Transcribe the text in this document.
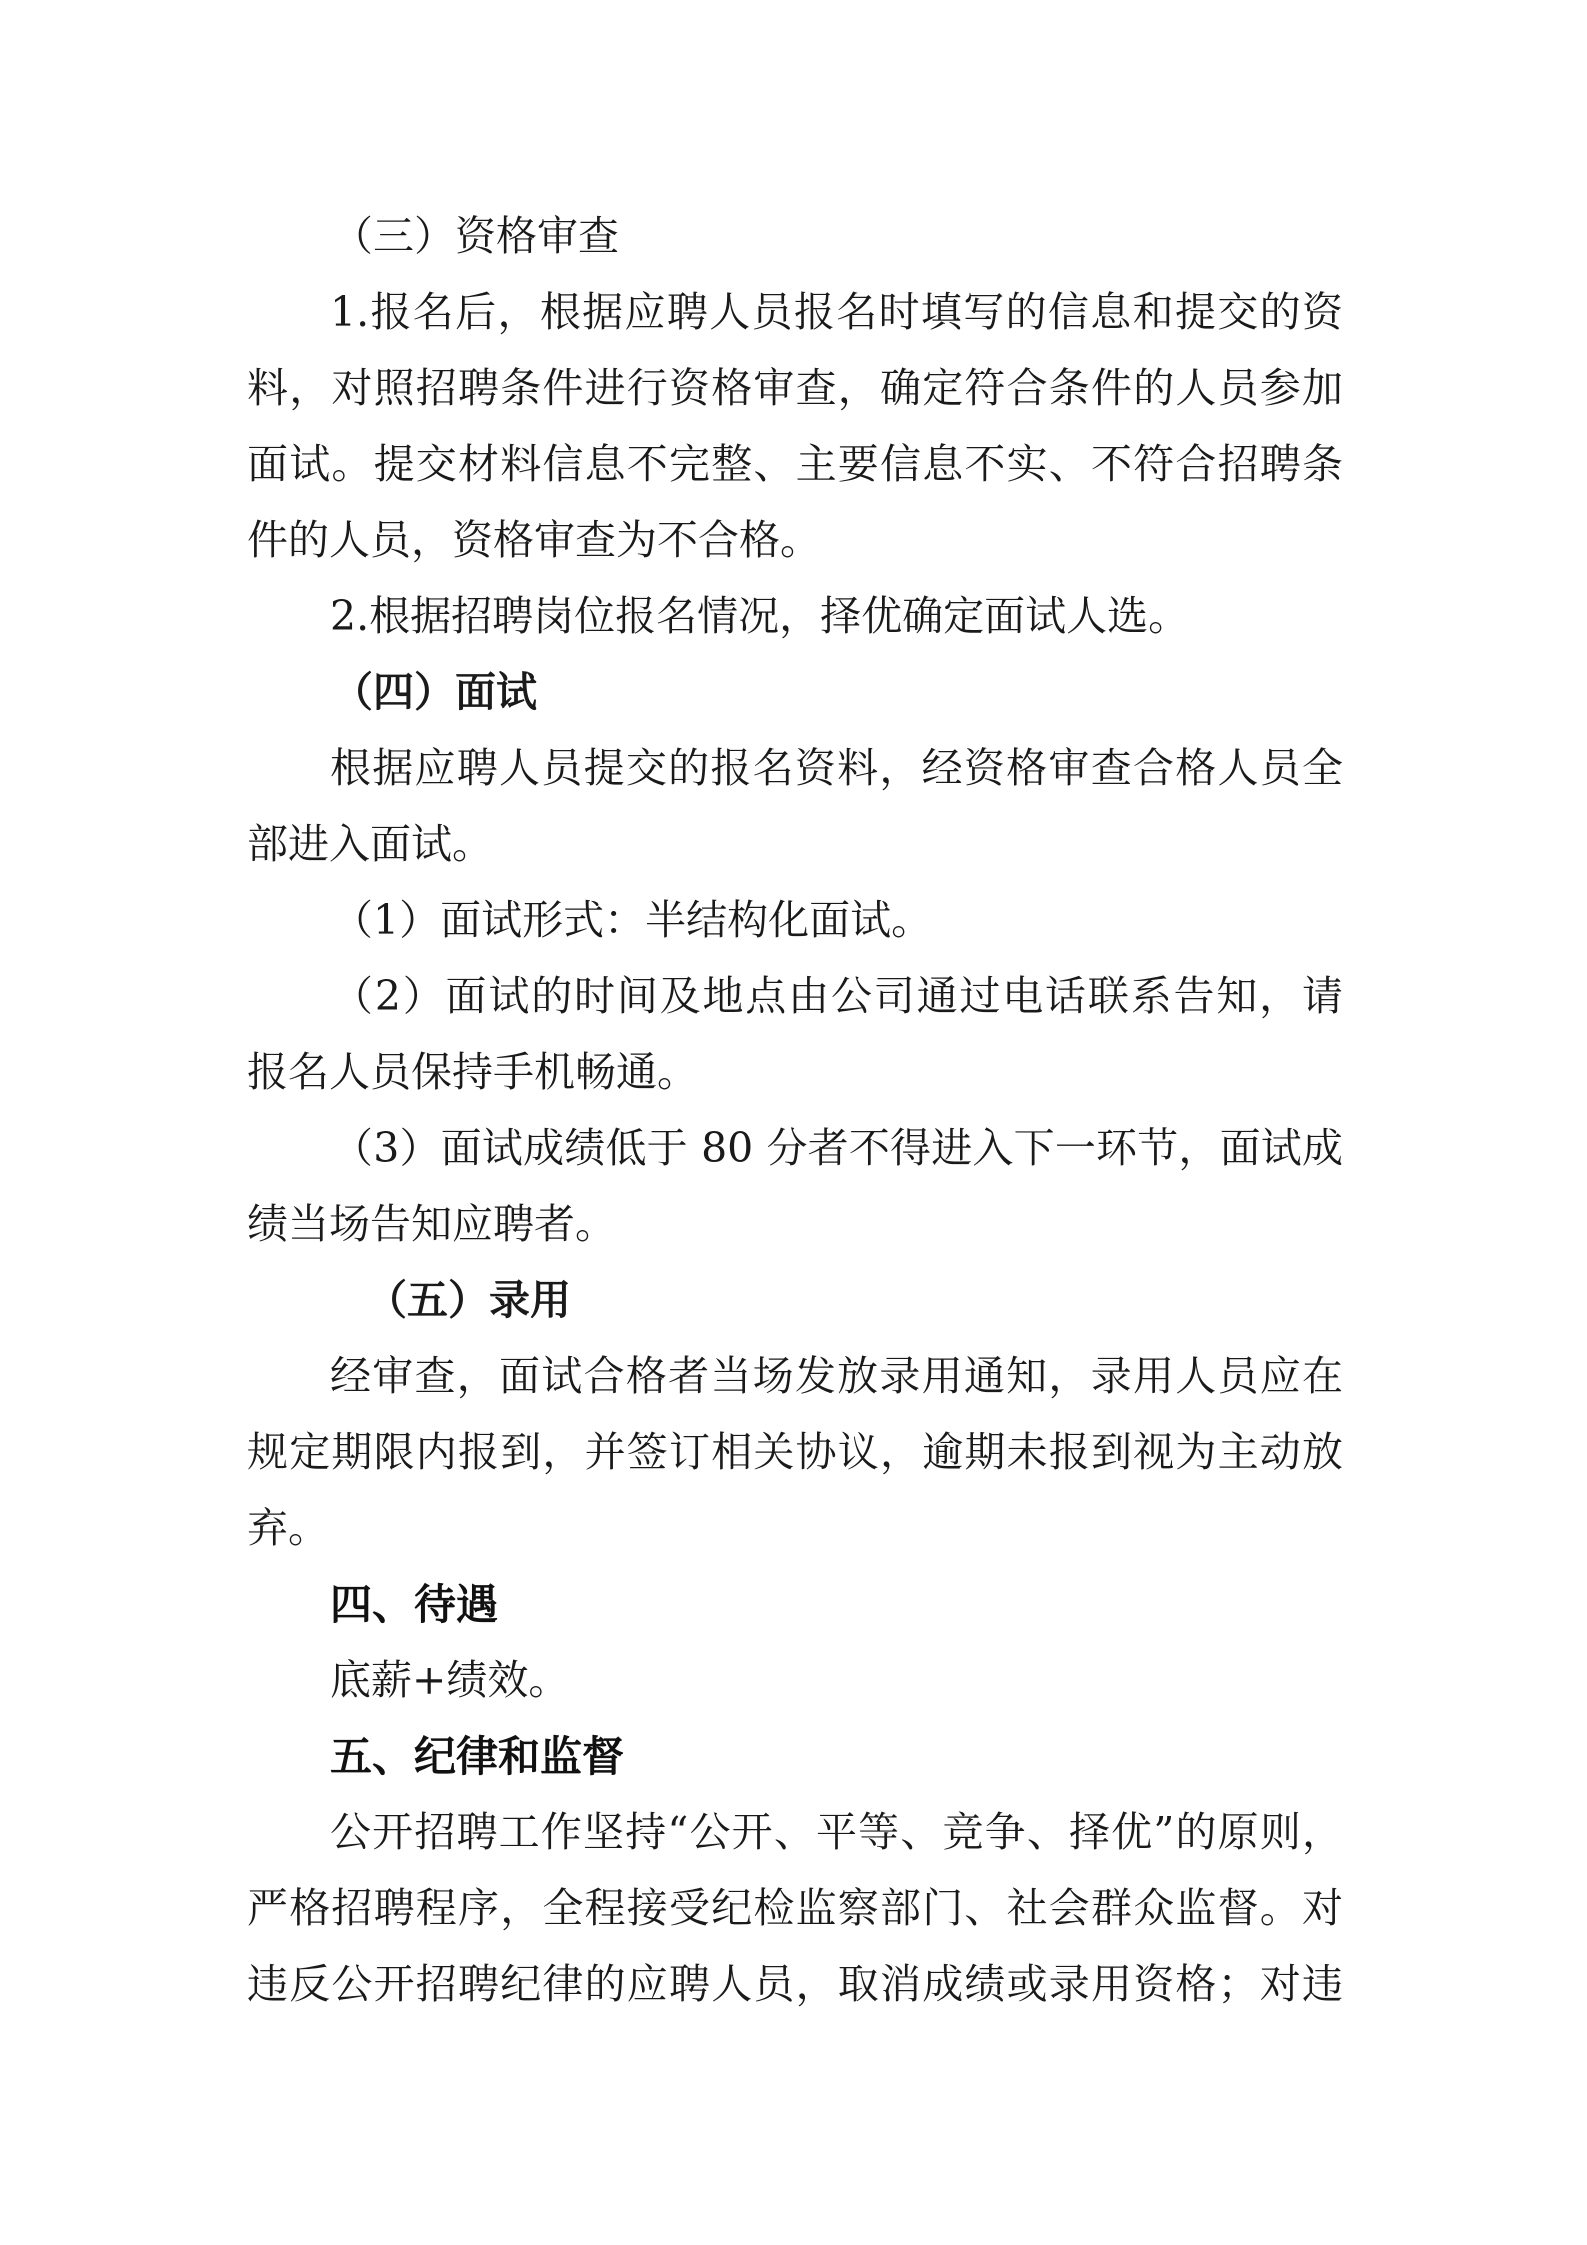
（三）资格审查
1.报名后，根据应聘人员报名时填写的信息和提交的资
料，对照招聘条件进行资格审查，确定符合条件的人员参加
面试。提交材料信息不完整、主要信息不实、不符合招聘条
件的人员，资格审查为不合格。
2.根据招聘岗位报名情况，择优确定面试人选。
（四）面试
根据应聘人员提交的报名资料，经资格审查合格人员全
部进入面试。
（1）面试形式：半结构化面试。
（2）面试的时间及地点由公司通过电话联系告知，请
报名人员保持手机畅通。
（3）面试成绩低于 80 分者不得进入下一环节，面试成
绩当场告知应聘者。
（五）录用
经审查，面试合格者当场发放录用通知，录用人员应在
规定期限内报到，并签订相关协议，逾期未报到视为主动放
弃。
四、待遇
底薪+绩效。
五、纪律和监督
公开招聘工作坚持“公开、平等、竞争、择优”的原则，
严格招聘程序，全程接受纪检监察部门、社会群众监督。对
违反公开招聘纪律的应聘人员，取消成绩或录用资格；对违
